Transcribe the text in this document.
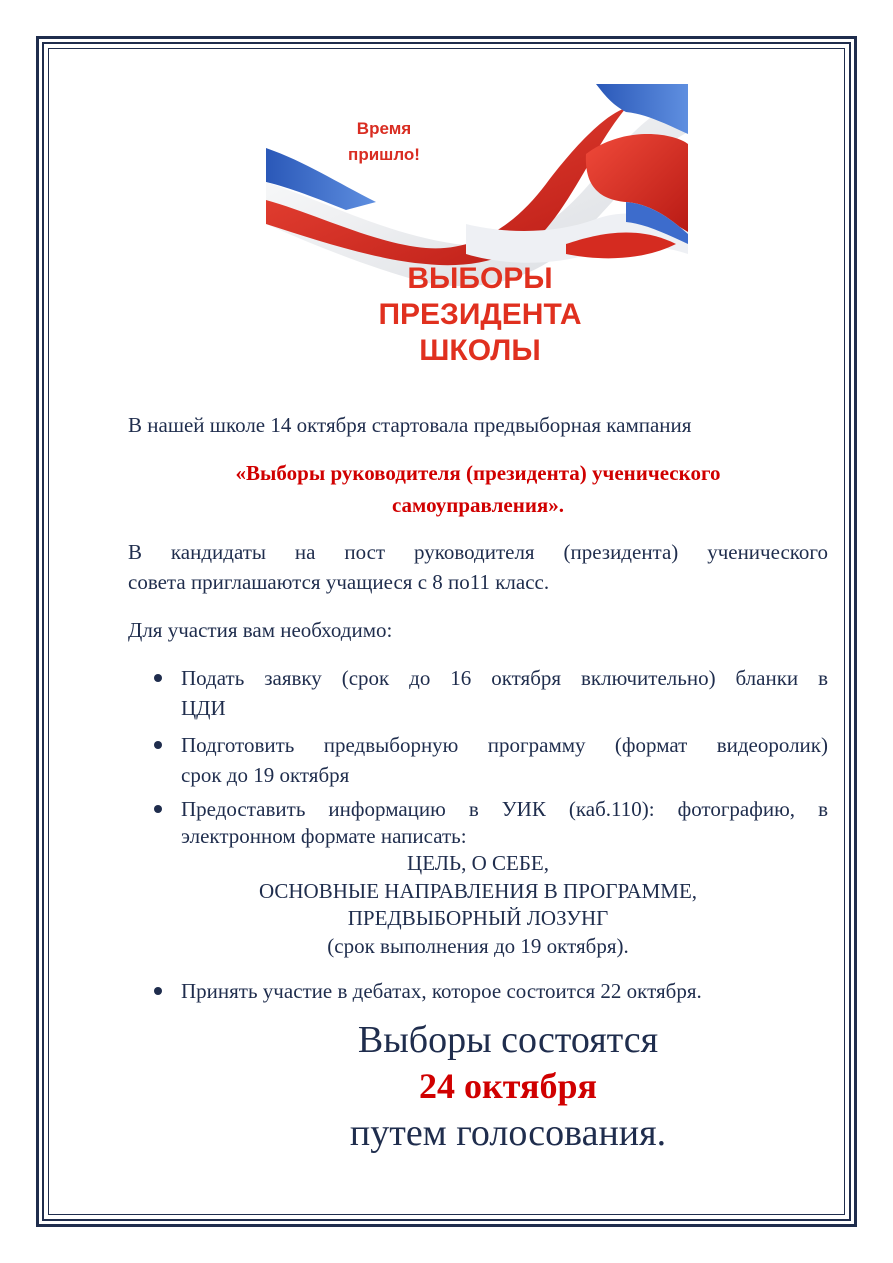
Время
пришло!
ВЫБОРЫ
ПРЕЗИДЕНТА
ШКОЛЫ
В нашей школе 14 октября стартовала предвыборная кампания
«Выборы руководителя (президента) ученического
самоуправления».
В кандидаты на пост руководителя (президента) ученического
совета приглашаются учащиеся с 8 по11 класс.
Для участия вам необходимо:
Подать заявку (срок до 16 октября включительно) бланки в
ЦДИ
Подготовить предвыборную программу (формат видеоролик)
срок до 19 октября
Предоставить информацию в УИК (каб.110): фотографию, в
электронном формате написать:
ЦЕЛЬ, О СЕБЕ,
ОСНОВНЫЕ НАПРАВЛЕНИЯ В ПРОГРАММЕ,
ПРЕДВЫБОРНЫЙ ЛОЗУНГ
(срок выполнения до 19 октября).
Принять участие в дебатах, которое состоится 22 октября.
Выборы состоятся
24 октября
путем голосования.
